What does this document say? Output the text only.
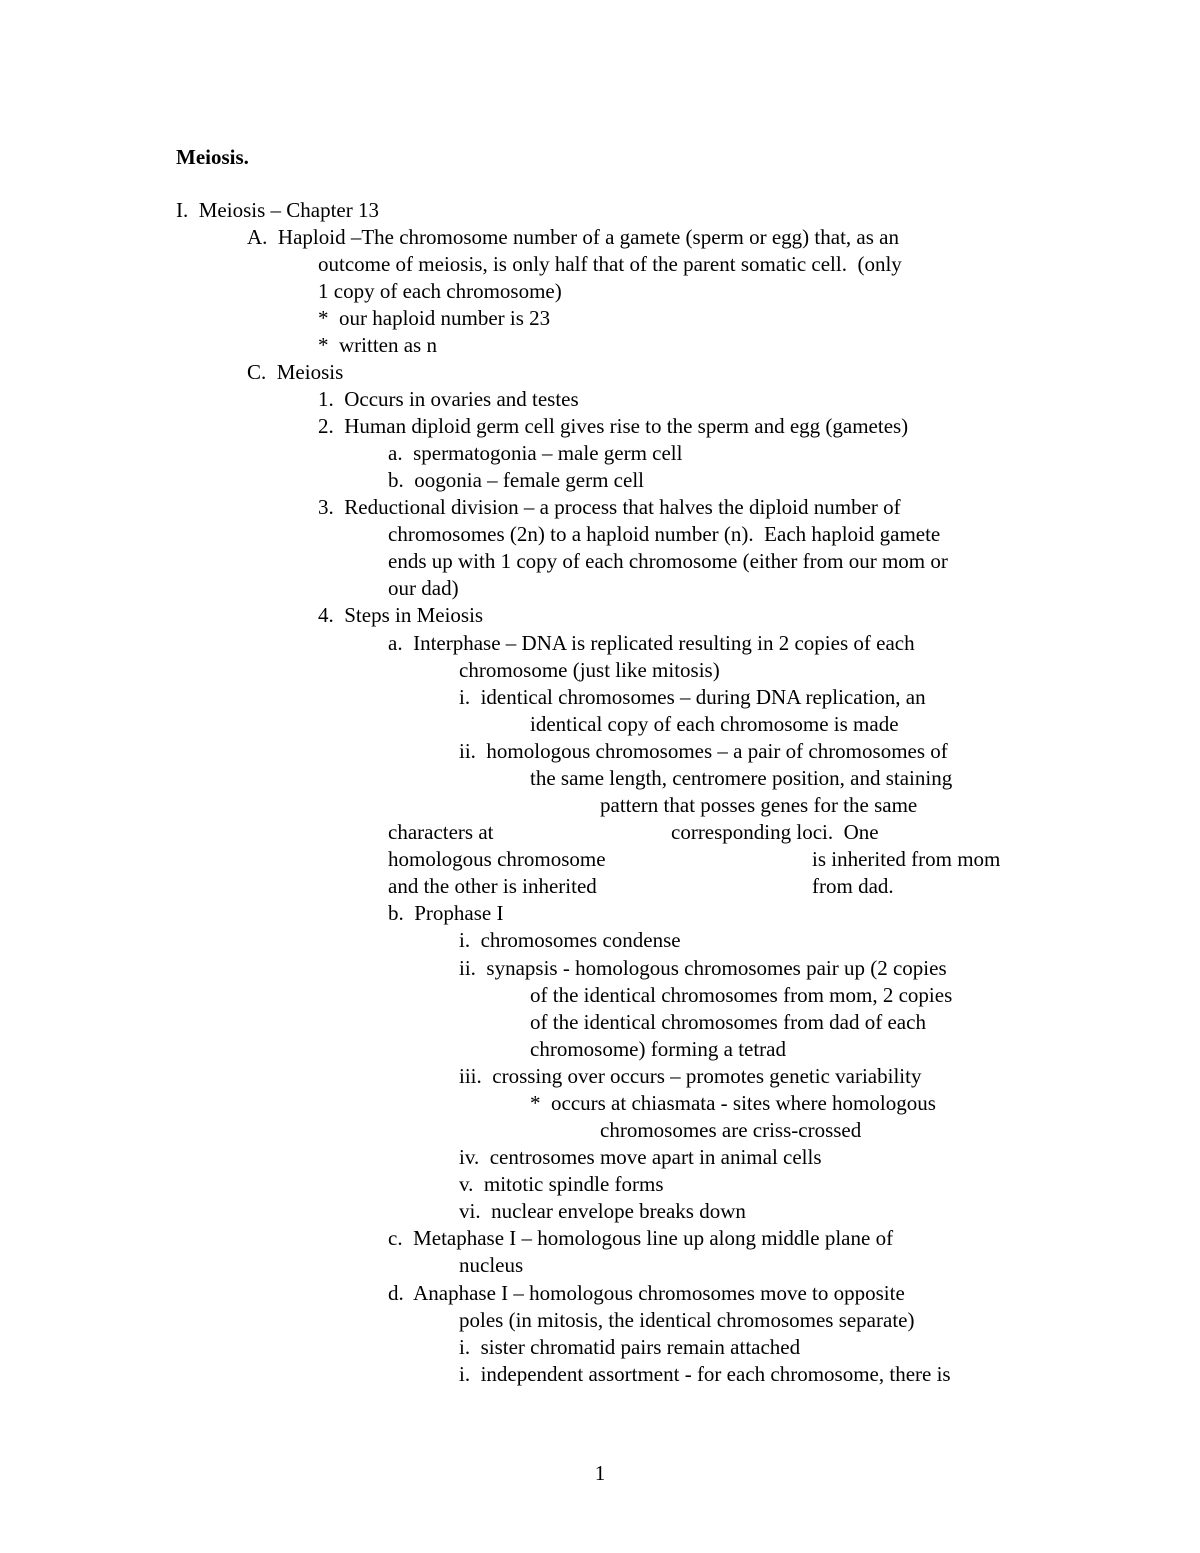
Meiosis.
I.  Meiosis – Chapter 13
A.  Haploid –The chromosome number of a gamete (sperm or egg) that, as an
outcome of meiosis, is only half that of the parent somatic cell.  (only
1 copy of each chromosome)
*  our haploid number is 23
*  written as n
C.  Meiosis
1.  Occurs in ovaries and testes
2.  Human diploid germ cell gives rise to the sperm and egg (gametes)
a.  spermatogonia – male germ cell
b.  oogonia – female germ cell
3.  Reductional division – a process that halves the diploid number of
chromosomes (2n) to a haploid number (n).  Each haploid gamete
ends up with 1 copy of each chromosome (either from our mom or
our dad)
4.  Steps in Meiosis
a.  Interphase – DNA is replicated resulting in 2 copies of each
chromosome (just like mitosis)
i.  identical chromosomes – during DNA replication, an
identical copy of each chromosome is made
ii.  homologous chromosomes – a pair of chromosomes of
the same length, centromere position, and staining
pattern that posses genes for the same
characters at	corresponding loci.  One
homologous chromosome	is inherited from mom
and the other is inherited	from dad.
b.  Prophase I
i.  chromosomes condense
ii.  synapsis - homologous chromosomes pair up (2 copies
of the identical chromosomes from mom, 2 copies
of the identical chromosomes from dad of each
chromosome) forming a tetrad
iii.  crossing over occurs – promotes genetic variability
*  occurs at chiasmata - sites where homologous
chromosomes are criss-crossed
iv.  centrosomes move apart in animal cells
v.  mitotic spindle forms
vi.  nuclear envelope breaks down
c.  Metaphase I – homologous line up along middle plane of
nucleus
d.  Anaphase I – homologous chromosomes move to opposite
poles (in mitosis, the identical chromosomes separate)
i.  sister chromatid pairs remain attached
i.  independent assortment - for each chromosome, there is
1
